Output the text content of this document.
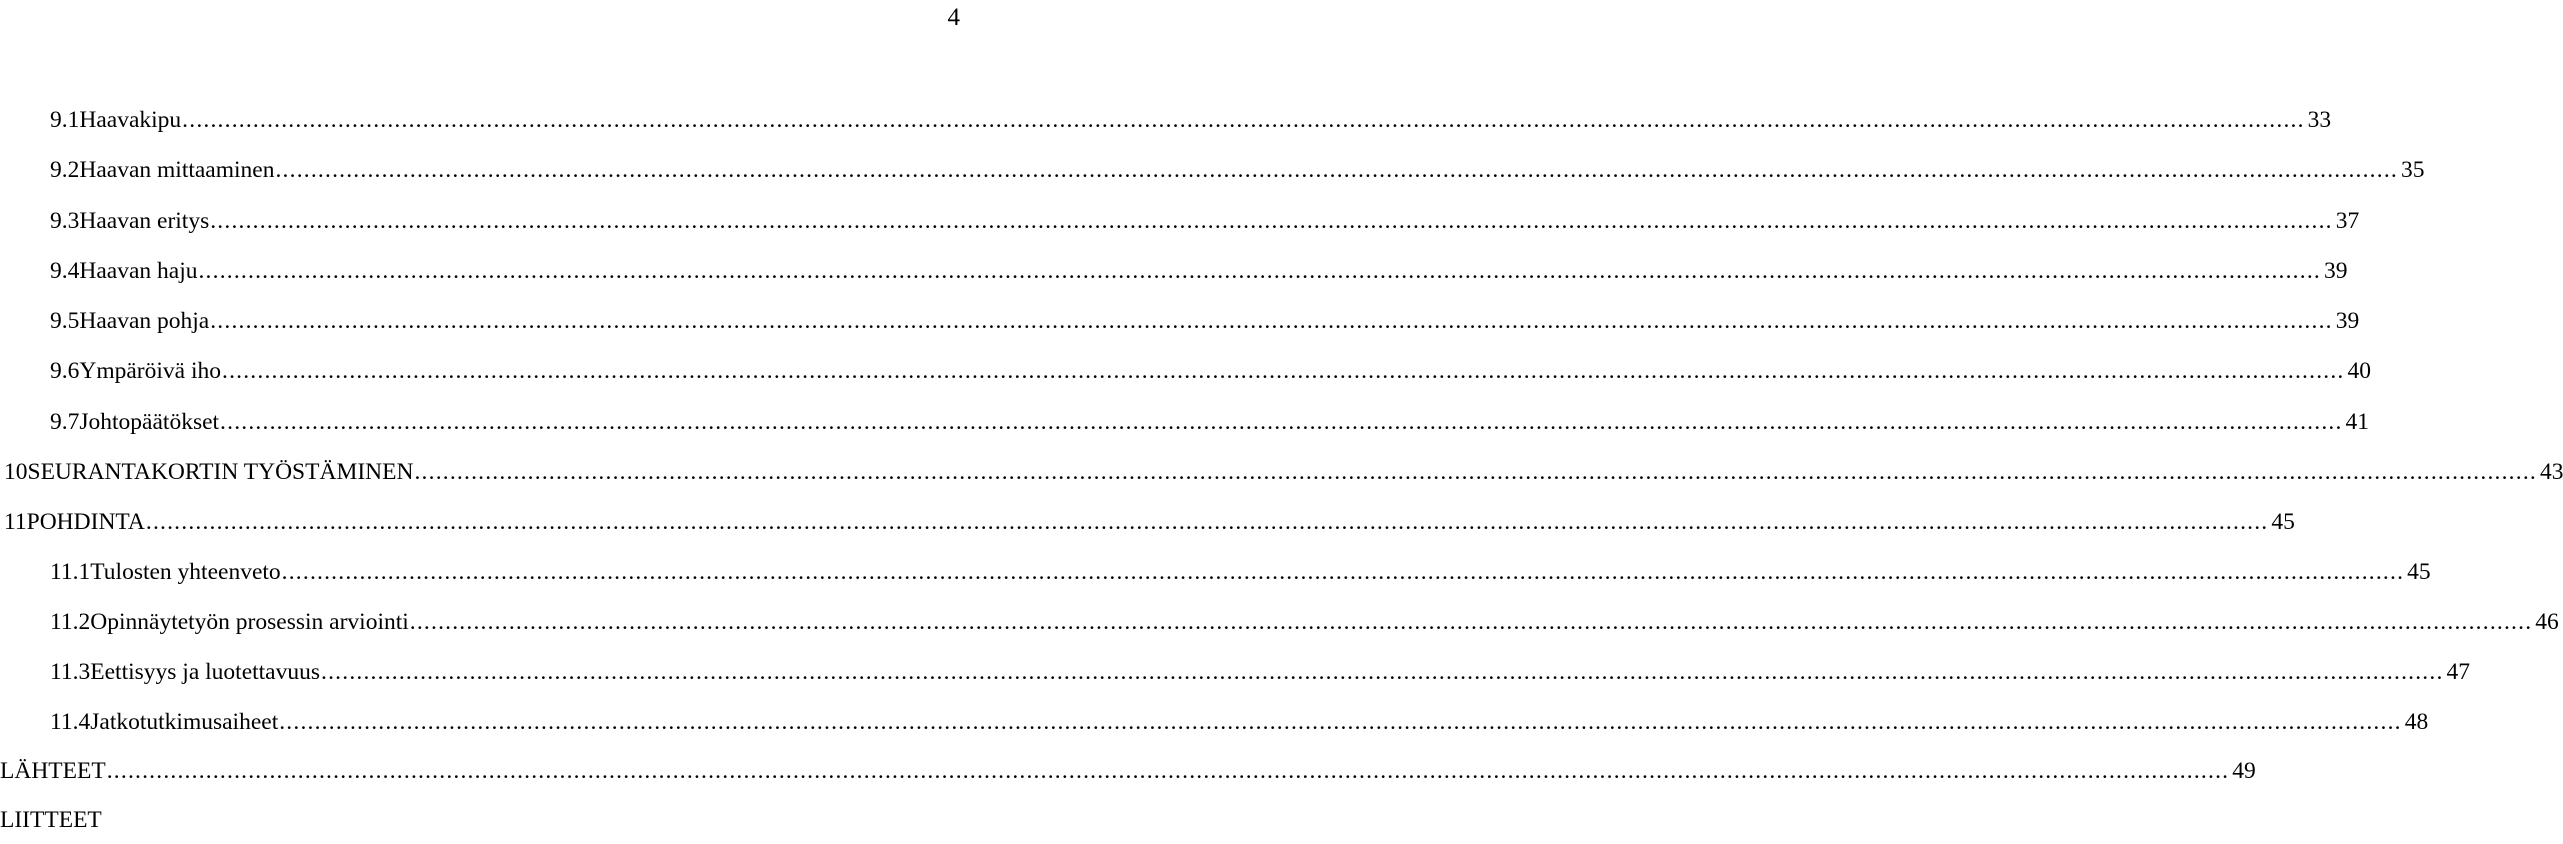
4
9.1 Haavakipu ............................................................................................................................................................................................................................................................................................................ 33
9.2 Haavan mittaaminen ............................................................................................................................................................................................................................................................................................................ 35
9.3 Haavan eritys ............................................................................................................................................................................................................................................................................................................ 37
9.4 Haavan haju ............................................................................................................................................................................................................................................................................................................ 39
9.5 Haavan pohja ............................................................................................................................................................................................................................................................................................................ 39
9.6 Ympäröivä iho ............................................................................................................................................................................................................................................................................................................ 40
9.7 Johtopäätökset ............................................................................................................................................................................................................................................................................................................ 41
10 SEURANTAKORTIN TYÖSTÄMINEN ............................................................................................................................................................................................................................................................................................................ 43
11 POHDINTA ............................................................................................................................................................................................................................................................................................................ 45
11.1 Tulosten yhteenveto ............................................................................................................................................................................................................................................................................................................ 45
11.2 Opinnäytetyön prosessin arviointi ............................................................................................................................................................................................................................................................................................................ 46
11.3 Eettisyys ja luotettavuus ............................................................................................................................................................................................................................................................................................................ 47
11.4 Jatkotutkimusaiheet ............................................................................................................................................................................................................................................................................................................ 48
LÄHTEET ............................................................................................................................................................................................................................................................................................................ 49
LIITTEET
